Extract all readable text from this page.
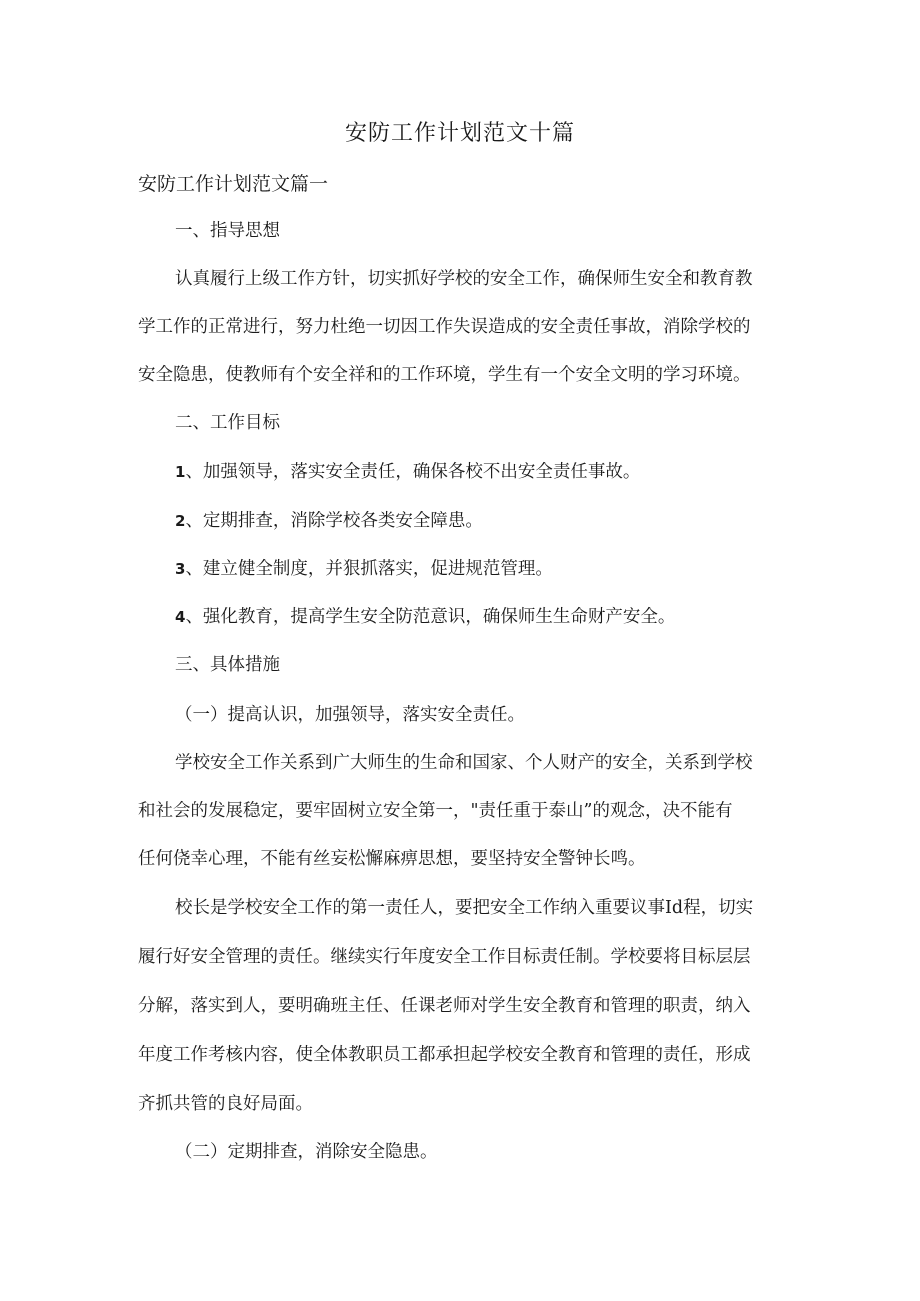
安防工作计划范文十篇
安防工作计划范文篇一

一、指导思想

认真履行上级工作方针，切实抓好学校的安全工作，确保师生安全和教育教

学工作的正常进行，努力杜绝一切因工作失误造成的安全责任事故，消除学校的

安全隐患，使教师有个安全祥和的工作环境，学生有一个安全文明的学习环境。

二、工作目标

1、加强领导，落实安全责任，确保各校不出安全责任事故。

2、定期排查，消除学校各类安全障患。

3、建立健全制度，并狠抓落实，促进规范管理。

4、强化教育，提高学生安全防范意识，确保师生生命财产安全。

三、具体措施

（一）提高认识，加强领导，落实安全责任。

学校安全工作关系到广大师生的生命和国家、个人财产的安全，关系到学校

和社会的发展稳定，要牢固树立安全第一，"责任重于泰山”的观念，决不能有

任何侥幸心理，不能有丝妄松懈麻痹思想，要坚持安全警钟长鸣。

校长是学校安全工作的第一责任人，要把安全工作纳入重要议事Id程，切实

履行好安全管理的责任。继续实行年度安全工作目标责任制。学校要将目标层层

分解，落实到人，要明确班主任、任课老师对学生安全教育和管理的职责，纳入

年度工作考核内容，使全体教职员工都承担起学校安全教育和管理的责任，形成

齐抓共管的良好局面。

（二）定期排查，消除安全隐患。
